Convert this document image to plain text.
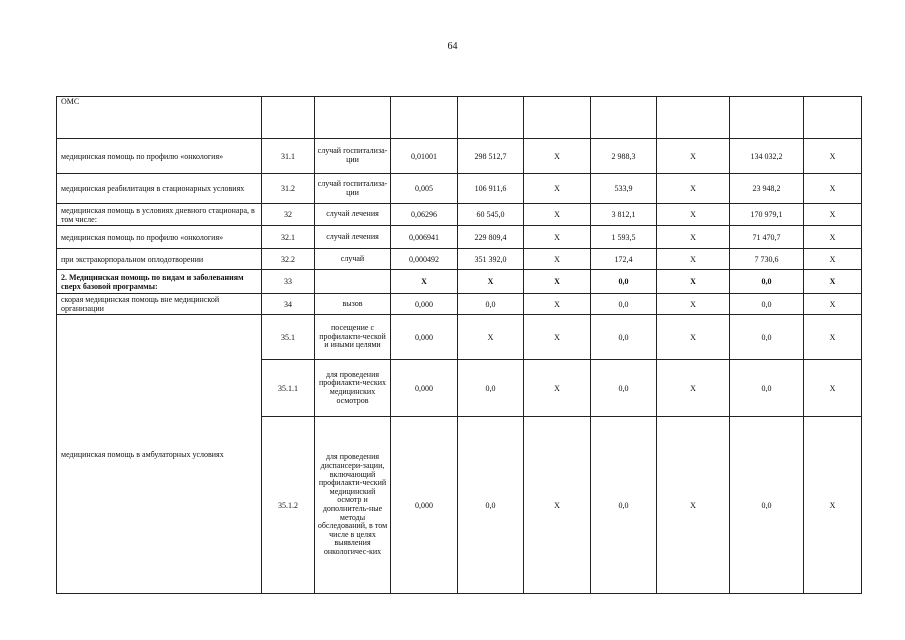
64
ОМС									
медицинская помощь по профилю «онкология»	31.1	случай госпитализа-ции	0,01001	298 512,7	X	2 988,3	X	134 032,2	X
медицинская реабилитация в стационарных условиях	31.2	случай госпитализа-ции	0,005	106 911,6	X	533,9	X	23 948,2	X
медицинская помощь в условиях дневного стационара, в том числе:	32	случай лечения	0,06296	60 545,0	X	3 812,1	X	170 979,1	X
медицинская помощь по профилю «онкология»	32.1	случай лечения	0,006941	229 809,4	X	1 593,5	X	71 470,7	X
при экстракорпоральном оплодотворении	32.2	случай	0,000492	351 392,0	X	172,4	X	7 730,6	X
2. Медицинская помощь по видам и заболеваниям сверх базовой программы:	33		X	X	X	0,0	X	0,0	X
скорая медицинская помощь вне медицинской организации	34	вызов	0,000	0,0	X	0,0	X	0,0	X
медицинская помощь в амбулаторных условиях	35.1	посещение с профилакти-ческой и иными целями	0,000	X	X	0,0	X	0,0	X
	35.1.1	для проведения профилакти-ческих медицинских осмотров	0,000	0,0	X	0,0	X	0,0	X
	35.1.2	для проведения диспансери-зации, включающий профилакти-ческий медицинский осмотр и дополнитель-ные методы обследований, в том числе в целях выявления онкологичес-ких	0,000	0,0	X	0,0	X	0,0	X
